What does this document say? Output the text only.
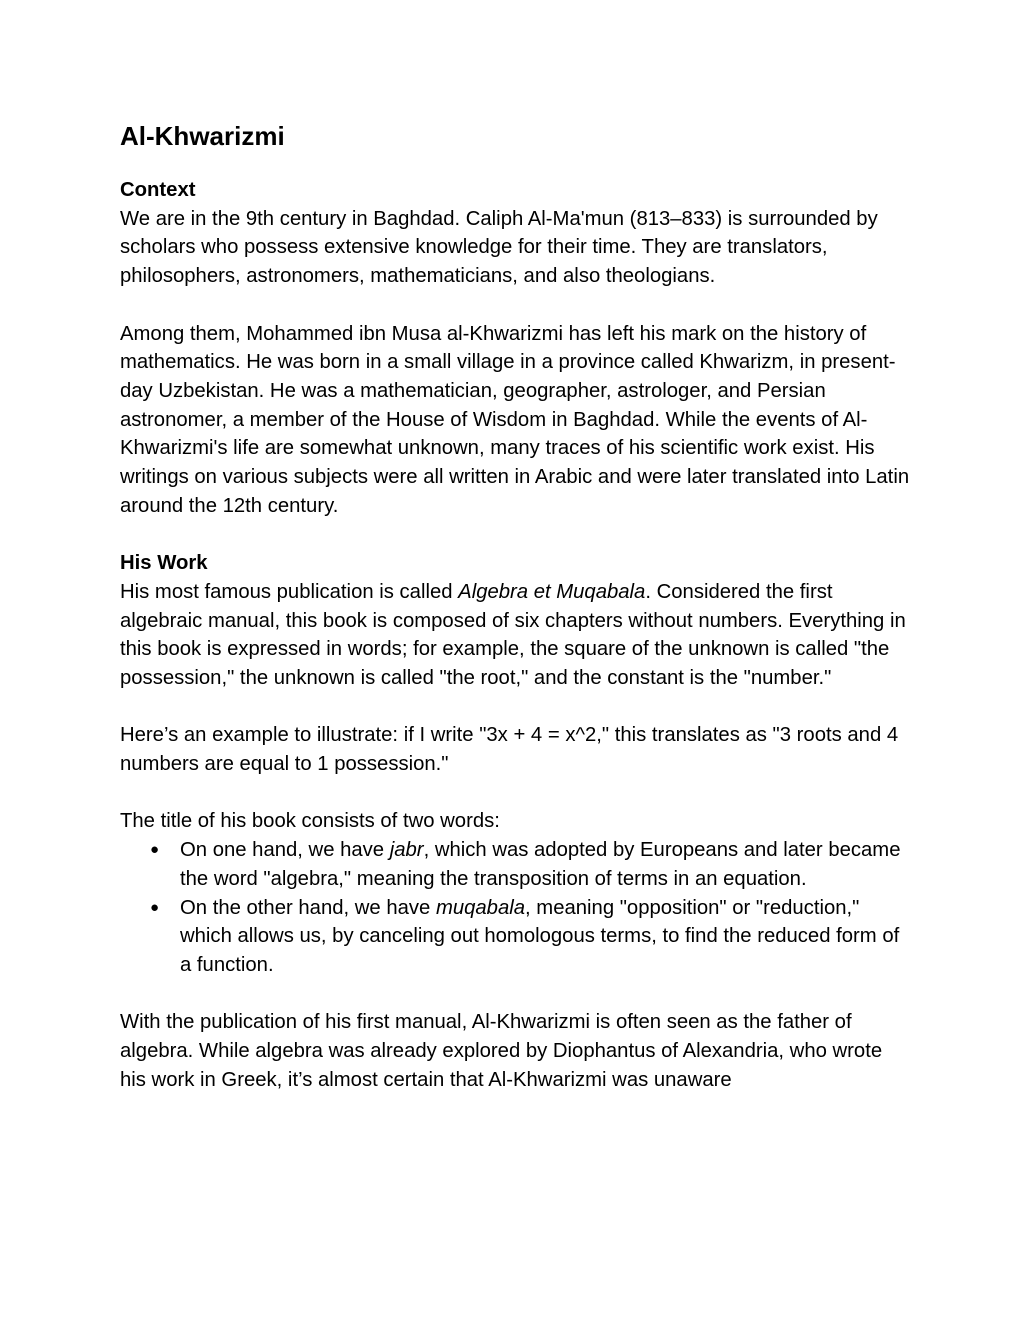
Al-Khwarizmi

Context

We are in the 9th century in Baghdad. Caliph Al-Ma'mun (813–833) is surrounded by scholars who possess extensive knowledge for their time. They are translators, philosophers, astronomers, mathematicians, and also theologians.

Among them, Mohammed ibn Musa al-Khwarizmi has left his mark on the history of mathematics. He was born in a small village in a province called Khwarizm, in present-day Uzbekistan. He was a mathematician, geographer, astrologer, and Persian astronomer, a member of the House of Wisdom in Baghdad. While the events of Al-Khwarizmi's life are somewhat unknown, many traces of his scientific work exist. His writings on various subjects were all written in Arabic and were later translated into Latin around the 12th century.

His Work

His most famous publication is called Algebra et Muqabala. Considered the first algebraic manual, this book is composed of six chapters without numbers. Everything in this book is expressed in words; for example, the square of the unknown is called "the possession," the unknown is called "the root," and the constant is the "number."

Here’s an example to illustrate: if I write "3x + 4 = x^2," this translates as "3 roots and 4 numbers are equal to 1 possession."

The title of his book consists of two words:

● On one hand, we have jabr, which was adopted by Europeans and later became the word "algebra," meaning the transposition of terms in an equation.
● On the other hand, we have muqabala, meaning "opposition" or "reduction," which allows us, by canceling out homologous terms, to find the reduced form of a function.

With the publication of his first manual, Al-Khwarizmi is often seen as the father of algebra. While algebra was already explored by Diophantus of Alexandria, who wrote his work in Greek, it’s almost certain that Al-Khwarizmi was unaware
